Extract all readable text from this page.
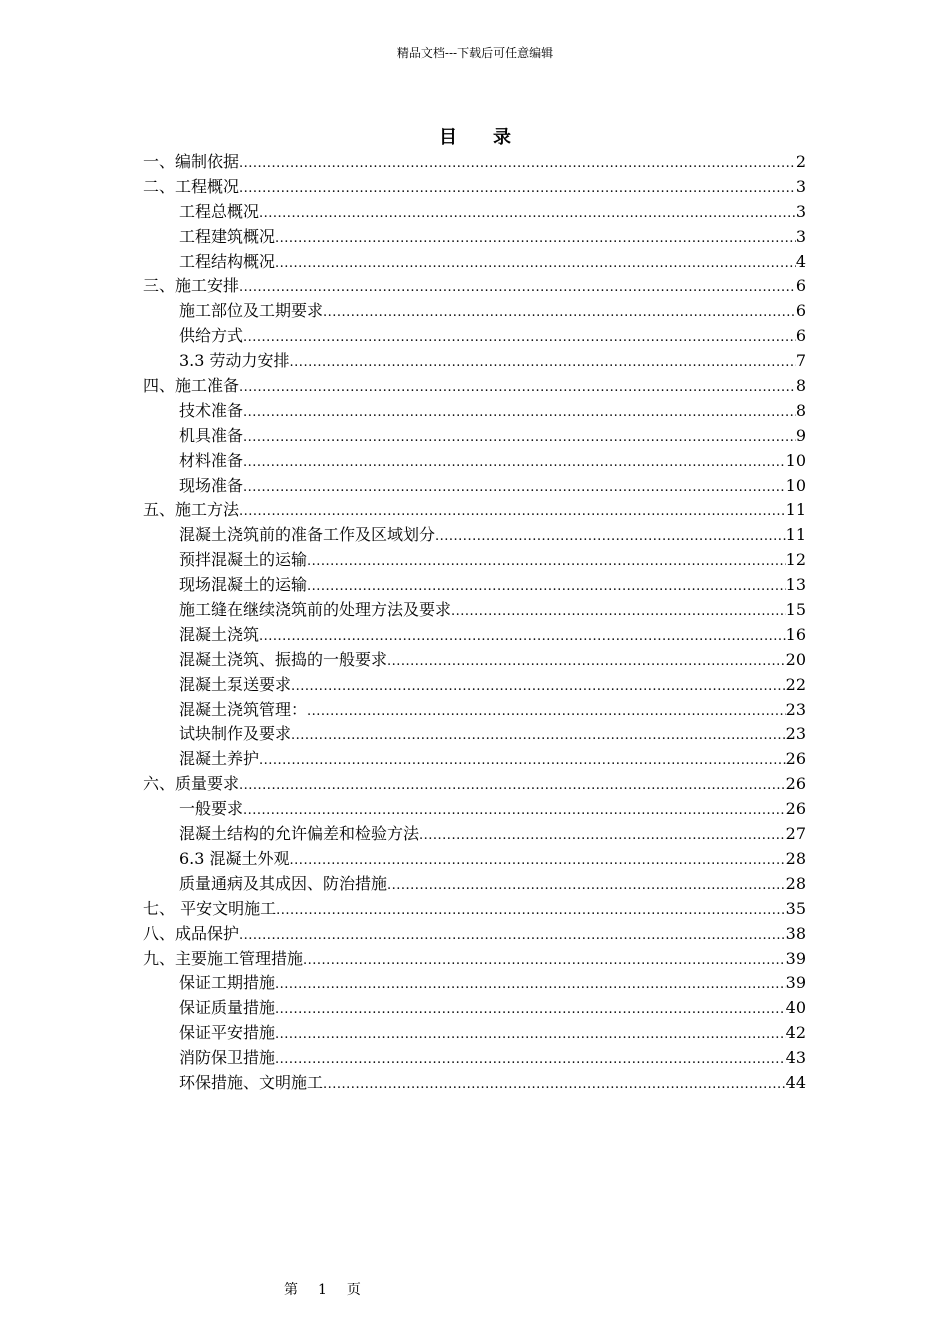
精品文档---下载后可任意编辑
目 录
一、编制依据 .....	2
二、工程概况 .....	3
工程总概况 .....	3
工程建筑概况 .....	3
工程结构概况 .....	4
三、施工安排 .....	6
施工部位及工期要求 .....	6
供给方式 .....	6
3.3 劳动力安排 .....	7
四、施工准备 .....	8
技术准备 .....	8
机具准备 .....	9
材料准备 .....	10
现场准备 .....	10
五、施工方法 .....	11
混凝土浇筑前的准备工作及区域划分 .....	11
预拌混凝土的运输 .....	12
现场混凝土的运输 .....	13
施工缝在继续浇筑前的处理方法及要求 .....	15
混凝土浇筑 .....	16
混凝土浇筑、振捣的一般要求 .....	20
混凝土泵送要求 .....	22
混凝土浇筑管理： .....	23
试块制作及要求 .....	23
混凝土养护 .....	26
六、质量要求 .....	26
一般要求 .....	26
混凝土结构的允许偏差和检验方法 .....	27
6.3 混凝土外观 .....	28
质量通病及其成因、防治措施 .....	28
七、 平安文明施工 .....	35
八、成品保护 .....	38
九、主要施工管理措施 .....	39
保证工期措施 .....	39
保证质量措施 .....	40
保证平安措施 .....	42
消防保卫措施 .....	43
环保措施、文明施工 .....	44
第 1 页
